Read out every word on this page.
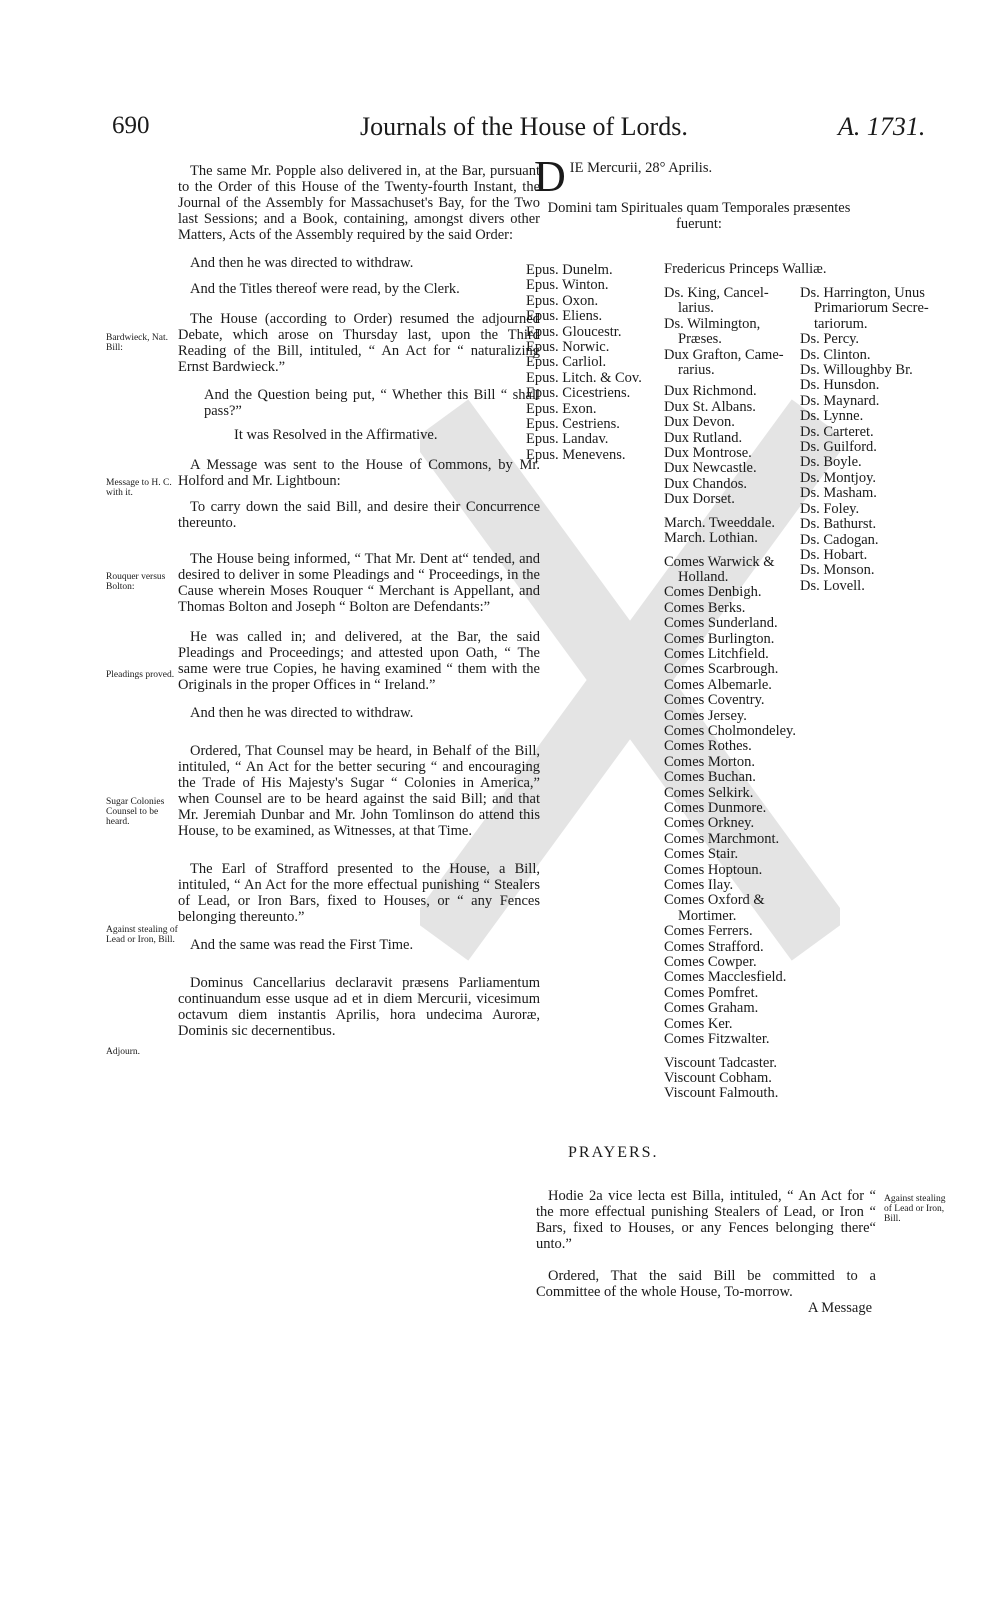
690	Journals of the House of Lords.	A. 1731.

The same Mr. Popple also delivered in, at the Bar, pursuant to the Order of this House of the Twenty-fourth Instant, the Journal of the Assembly for Massachuset's Bay, for the Two last Sessions; and a Book, containing, amongst divers other Matters, Acts of the Assembly required by the said Order:

And then he was directed to withdraw.

And the Titles thereof were read, by the Clerk.

The House (according to Order) resumed the adjourned Debate, which arose on Thursday last, upon the Third Reading of the Bill, intituled, “ An Act for “ naturalizing Ernst Bardwieck.”

And the Question being put, “ Whether this Bill “ shall pass?”

It was Resolved in the Affirmative.

A Message was sent to the House of Commons, by Mr. Holford and Mr. Lightboun:

To carry down the said Bill, and desire their Concurrence thereunto.

The House being informed, “ That Mr. Dent at“ tended, and desired to deliver in some Pleadings and “ Proceedings, in the Cause wherein Moses Rouquer “ Merchant is Appellant, and Thomas Bolton and Joseph “ Bolton are Defendants:”

He was called in; and delivered, at the Bar, the said Pleadings and Proceedings; and attested upon Oath, “ The same were true Copies, he having examined “ them with the Originals in the proper Offices in “ Ireland.”

And then he was directed to withdraw.

Ordered, That Counsel may be heard, in Behalf of the Bill, intituled, “ An Act for the better securing “ and encouraging the Trade of His Majesty's Sugar “ Colonies in America,” when Counsel are to be heard against the said Bill; and that Mr. Jeremiah Dunbar and Mr. John Tomlinson do attend this House, to be examined, as Witnesses, at that Time.

The Earl of Strafford presented to the House, a Bill, intituled, “ An Act for the more effectual punishing “ Stealers of Lead, or Iron Bars, fixed to Houses, or “ any Fences belonging thereunto.”

And the same was read the First Time.

Dominus Cancellarius declaravit præsens Parliamentum continuandum esse usque ad et in diem Mercurii, vicesimum octavum diem instantis Aprilis, hora undecima Auroræ, Dominis sic decernentibus.

Bardwieck, Nat. Bill:
Message to H. C. with it.
Rouquer versus Bolton:
Pleadings proved.
Sugar Colonies Counsel to be heard.
Against stealing of Lead or Iron, Bill.
Adjourn.
D IE Mercurii, 28° Aprilis.
Domini tam Spirituales quam Temporales præsentes fuerunt:
Epus. Dunelm.
Epus. Winton.
Epus. Oxon.
Epus. Eliens.
Epus. Gloucestr.
Epus. Norwic.
Epus. Carliol.
Epus. Litch. & Cov.
Epus. Cicestriens.
Epus. Exon.
Epus. Cestriens.
Epus. Landav.
Epus. Menevens.
Fredericus Princeps Walliæ.
Ds. King, Cancel-
larius.
Ds. Wilmington,
Præses.
Dux Grafton, Came-
rarius.
Dux Richmond.
Dux St. Albans.
Dux Devon.
Dux Rutland.
Dux Montrose.
Dux Newcastle.
Dux Chandos.
Dux Dorset.
March. Tweeddale.
March. Lothian.
Comes Warwick &
Holland.
Comes Denbigh.
Comes Berks.
Comes Sunderland.
Comes Burlington.
Comes Litchfield.
Comes Scarbrough.
Comes Albemarle.
Comes Coventry.
Comes Jersey.
Comes Cholmondeley.
Comes Rothes.
Comes Morton.
Comes Buchan.
Comes Selkirk.
Comes Dunmore.
Comes Orkney.
Comes Marchmont.
Comes Stair.
Comes Hoptoun.
Comes Ilay.
Comes Oxford &
Mortimer.
Comes Ferrers.
Comes Strafford.
Comes Cowper.
Comes Macclesfield.
Comes Pomfret.
Comes Graham.
Comes Ker.
Comes Fitzwalter.
Viscount Tadcaster.
Viscount Cobham.
Viscount Falmouth.
Ds. Harrington, Unus
Primariorum Secre-
tariorum.
Ds. Percy.
Ds. Clinton.
Ds. Willoughby Br.
Ds. Hunsdon.
Ds. Maynard.
Ds. Lynne.
Ds. Carteret.
Ds. Guilford.
Ds. Boyle.
Ds. Montjoy.
Ds. Masham.
Ds. Foley.
Ds. Bathurst.
Ds. Cadogan.
Ds. Hobart.
Ds. Monson.
Ds. Lovell.
PRAYERS.
Hodie 2a vice lecta est Billa, intituled, “ An Act for “ the more effectual punishing Stealers of Lead, or Iron “ Bars, fixed to Houses, or any Fences belonging there“ unto.”
Against stealing of Lead or Iron, Bill.
Ordered, That the said Bill be committed to a Committee of the whole House, To-morrow.
A Message
